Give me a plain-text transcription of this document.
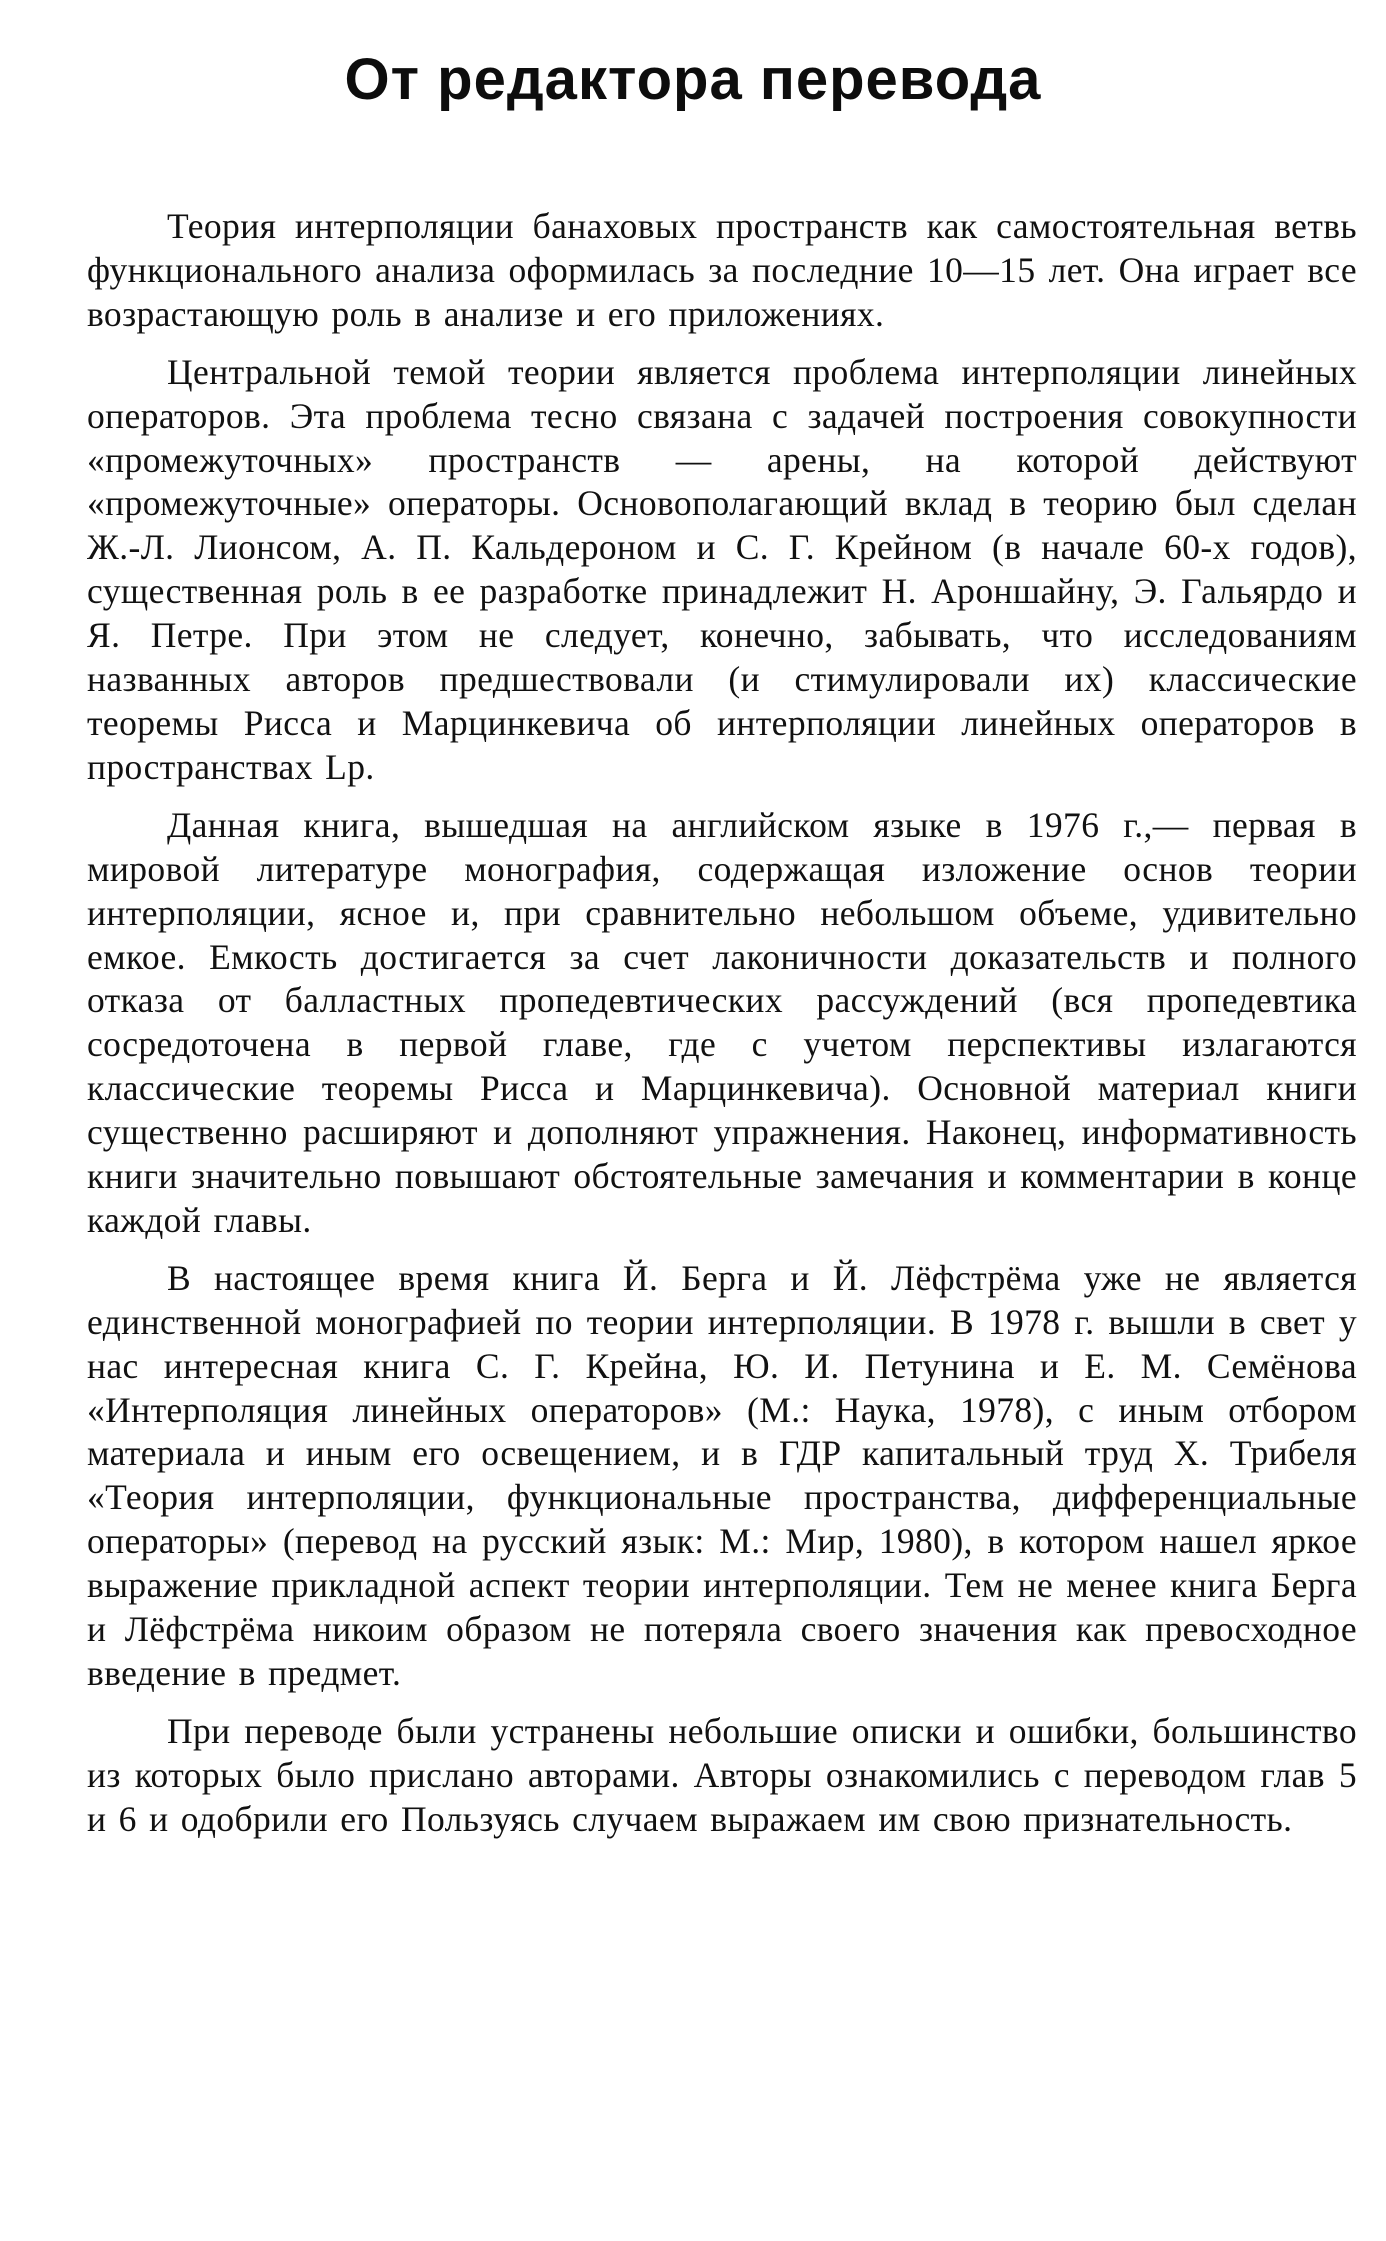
От редактора перевода

Теория интерполяции банаховых пространств как самостоятельная ветвь функционального анализа оформилась за последние 10—15 лет. Она играет все возрастающую роль в анализе и его приложениях.

Центральной темой теории является проблема интерполяции линейных операторов. Эта проблема тесно связана с задачей построения совокупности «промежуточных» пространств — арены, на которой действуют «промежуточные» операторы. Основополагающий вклад в теорию был сделан Ж.-Л. Лионсом, А. П. Кальдероном и С. Г. Крейном (в начале 60-х годов), существенная роль в ее разработке принадлежит Н. Ароншайну, Э. Гальярдо и Я. Петре. При этом не следует, конечно, забывать, что исследованиям названных авторов предшествовали (и стимулировали их) классические теоремы Рисса и Марцинкевича об интерполяции линейных операторов в пространствах Lp.

Данная книга, вышедшая на английском языке в 1976 г.,— первая в мировой литературе монография, содержащая изложение основ теории интерполяции, ясное и, при сравнительно небольшом объеме, удивительно емкое. Емкость достигается за счет лаконичности доказательств и полного отказа от балластных пропедевтических рассуждений (вся пропедевтика сосредоточена в первой главе, где с учетом перспективы излагаются классические теоремы Рисса и Марцинкевича). Основной материал книги существенно расширяют и дополняют упражнения. Наконец, информативность книги значительно повышают обстоятельные замечания и комментарии в конце каждой главы.

В настоящее время книга Й. Берга и Й. Лёфстрёма уже не является единственной монографией по теории интерполяции. В 1978 г. вышли в свет у нас интересная книга С. Г. Крейна, Ю. И. Петунина и Е. М. Семёнова «Интерполяция линейных операторов» (М.: Наука, 1978), с иным отбором материала и иным его освещением, и в ГДР капитальный труд Х. Трибеля «Теория интерполяции, функциональные пространства, дифференциальные операторы» (перевод на русский язык: М.: Мир, 1980), в котором нашел яркое выражение прикладной аспект теории интерполяции. Тем не менее книга Берга и Лёфстрёма никоим образом не потеряла своего значения как превосходное введение в предмет.

При переводе были устранены небольшие описки и ошибки, большинство из которых было прислано авторами. Авторы ознакомились с переводом глав 5 и 6 и одобрили его Пользуясь случаем выражаем им свою признательность.
